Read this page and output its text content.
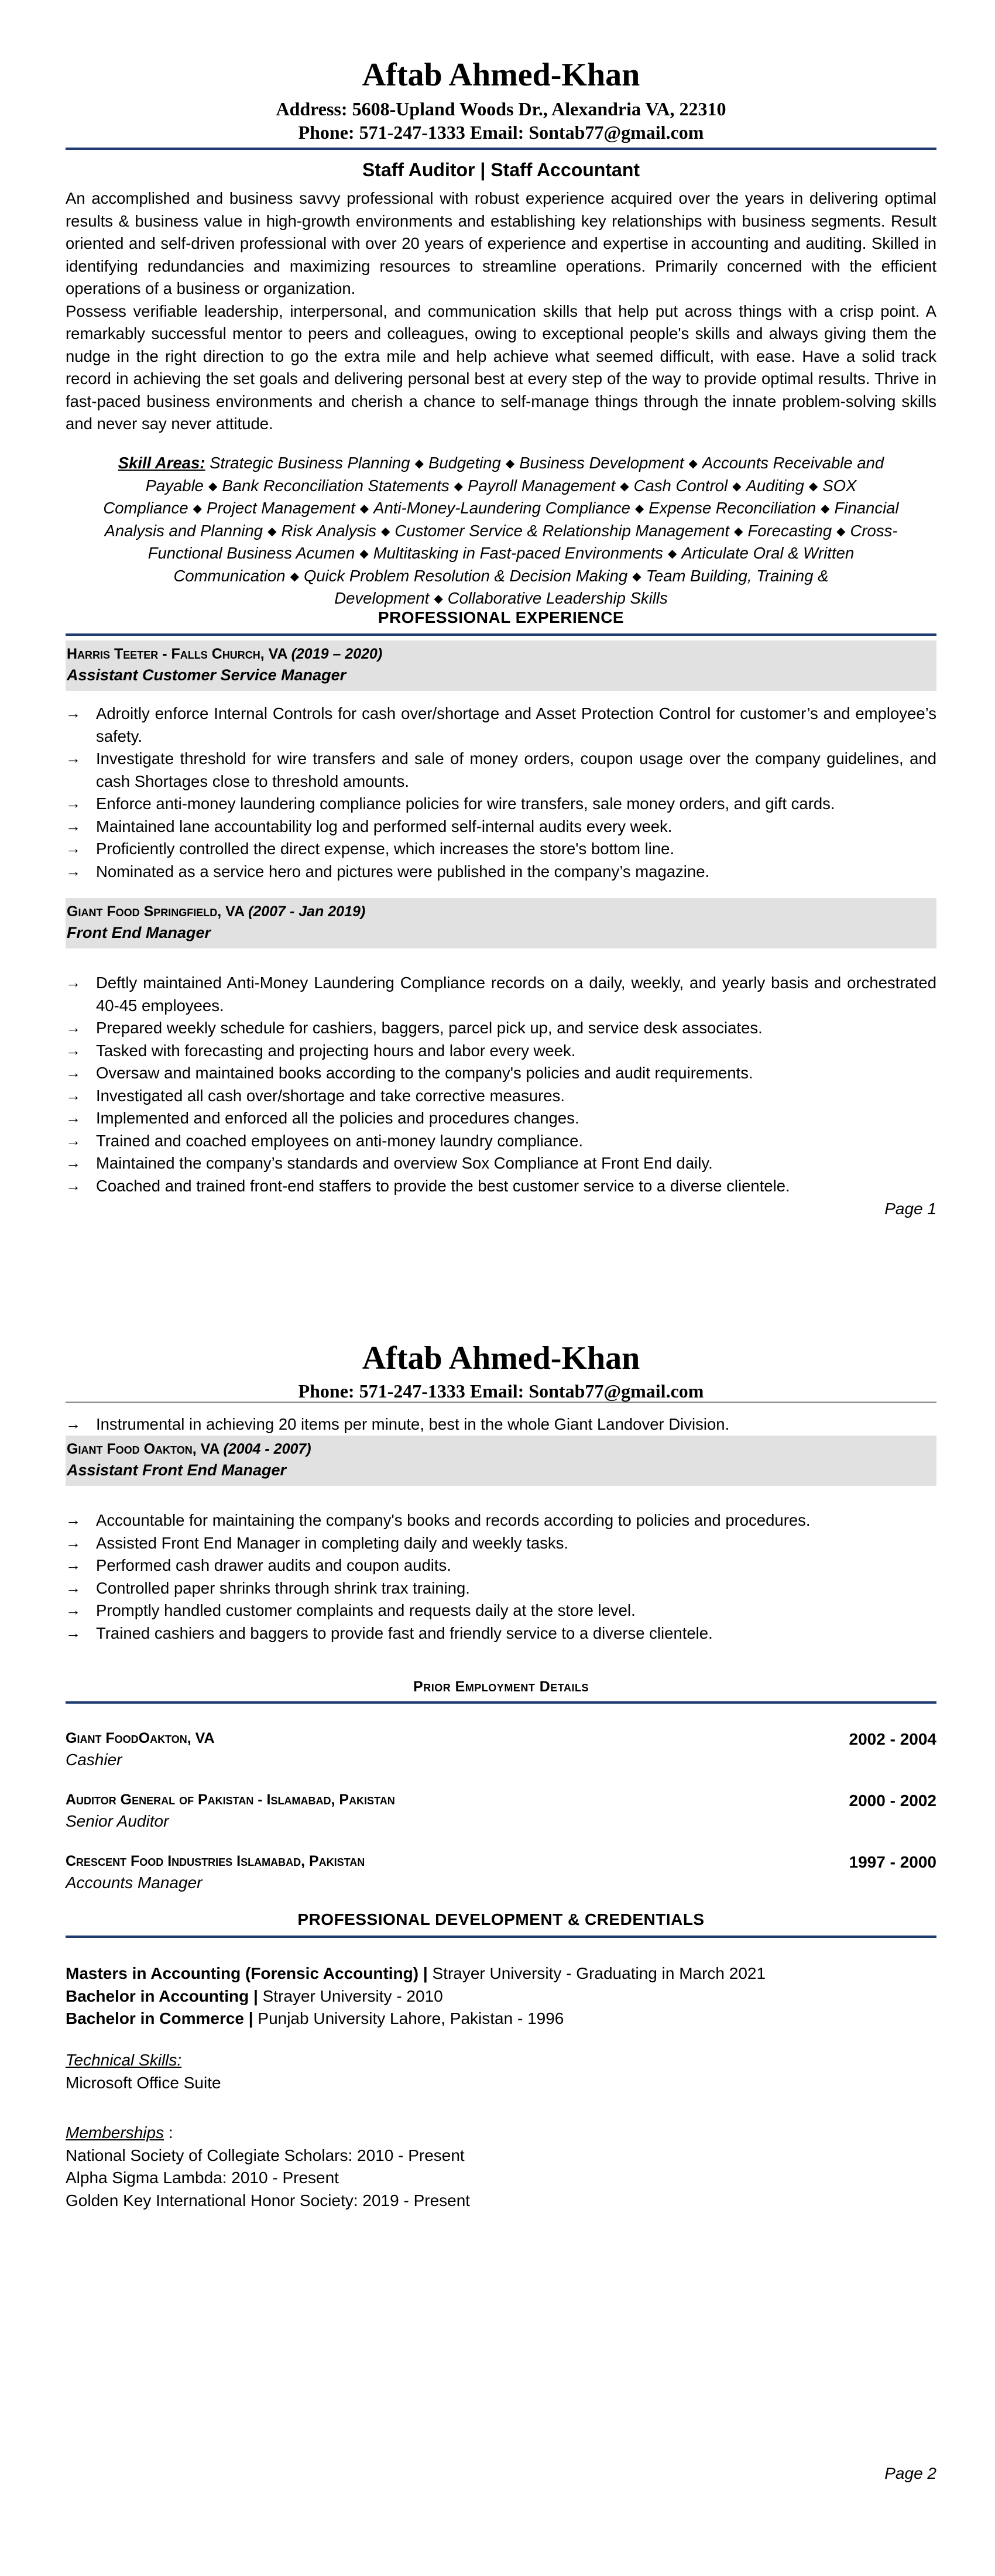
Aftab Ahmed-Khan
Address: 5608-Upland Woods Dr., Alexandria VA, 22310
Phone: 571-247-1333 Email: Sontab77@gmail.com
Staff Auditor | Staff Accountant

An accomplished and business savvy professional with robust experience acquired over the years in delivering optimal results & business value in high-growth environments and establishing key relationships with business segments. Result oriented and self-driven professional with over 20 years of experience and expertise in accounting and auditing. Skilled in identifying redundancies and maximizing resources to streamline operations. Primarily concerned with the efficient operations of a business or organization.

Possess verifiable leadership, interpersonal, and communication skills that help put across things with a crisp point. A remarkably successful mentor to peers and colleagues, owing to exceptional people's skills and always giving them the nudge in the right direction to go the extra mile and help achieve what seemed difficult, with ease. Have a solid track record in achieving the set goals and delivering personal best at every step of the way to provide optimal results. Thrive in fast-paced business environments and cherish a chance to self-manage things through the innate problem-solving skills and never say never attitude.

Skill Areas: Strategic Business Planning ◆ Budgeting ◆ Business Development ◆ Accounts Receivable and Payable ◆ Bank Reconciliation Statements ◆ Payroll Management ◆ Cash Control ◆ Auditing ◆ SOX Compliance ◆ Project Management ◆ Anti-Money-Laundering Compliance ◆ Expense Reconciliation ◆ Financial Analysis and Planning ◆ Risk Analysis ◆ Customer Service & Relationship Management ◆ Forecasting ◆ Cross-Functional Business Acumen ◆ Multitasking in Fast-paced Environments ◆ Articulate Oral & Written Communication ◆ Quick Problem Resolution & Decision Making ◆ Team Building, Training & Development ◆ Collaborative Leadership Skills
PROFESSIONAL EXPERIENCE
Harris Teeter - Falls Church, VA (2019 – 2020)
Assistant Customer Service Manager
→ Adroitly enforce Internal Controls for cash over/shortage and Asset Protection Control for customer’s and employee’s safety.
→ Investigate threshold for wire transfers and sale of money orders, coupon usage over the company guidelines, and cash Shortages close to threshold amounts.
→ Enforce anti-money laundering compliance policies for wire transfers, sale money orders, and gift cards.
→ Maintained lane accountability log and performed self-internal audits every week.
→ Proficiently controlled the direct expense, which increases the store's bottom line.
→ Nominated as a service hero and pictures were published in the company’s magazine.
Giant Food Springfield, VA (2007 - Jan 2019)
Front End Manager
→ Deftly maintained Anti-Money Laundering Compliance records on a daily, weekly, and yearly basis and orchestrated 40-45 employees.
→ Prepared weekly schedule for cashiers, baggers, parcel pick up, and service desk associates.
→ Tasked with forecasting and projecting hours and labor every week.
→ Oversaw and maintained books according to the company's policies and audit requirements.
→ Investigated all cash over/shortage and take corrective measures.
→ Implemented and enforced all the policies and procedures changes.
→ Trained and coached employees on anti-money laundry compliance.
→ Maintained the company’s standards and overview Sox Compliance at Front End daily.
→ Coached and trained front-end staffers to provide the best customer service to a diverse clientele.
Page 1
Aftab Ahmed-Khan
Phone: 571-247-1333 Email: Sontab77@gmail.com
→ Instrumental in achieving 20 items per minute, best in the whole Giant Landover Division.
Giant Food Oakton, VA (2004 - 2007)
Assistant Front End Manager
→ Accountable for maintaining the company's books and records according to policies and procedures.
→ Assisted Front End Manager in completing daily and weekly tasks.
→ Performed cash drawer audits and coupon audits.
→ Controlled paper shrinks through shrink trax training.
→ Promptly handled customer complaints and requests daily at the store level.
→ Trained cashiers and baggers to provide fast and friendly service to a diverse clientele.
Prior Employment Details
Giant FoodOakton, VA	2002 - 2004
Cashier
Auditor General of Pakistan - Islamabad, Pakistan	2000 - 2002
Senior Auditor
Crescent Food Industries Islamabad, Pakistan	1997 - 2000
Accounts Manager
PROFESSIONAL DEVELOPMENT & CREDENTIALS
Masters in Accounting (Forensic Accounting) | Strayer University - Graduating in March 2021
Bachelor in Accounting | Strayer University - 2010
Bachelor in Commerce | Punjab University Lahore, Pakistan - 1996
Technical Skills:
Microsoft Office Suite
Memberships :
National Society of Collegiate Scholars: 2010 - Present
Alpha Sigma Lambda: 2010 - Present
Golden Key International Honor Society: 2019 - Present
Page 2
